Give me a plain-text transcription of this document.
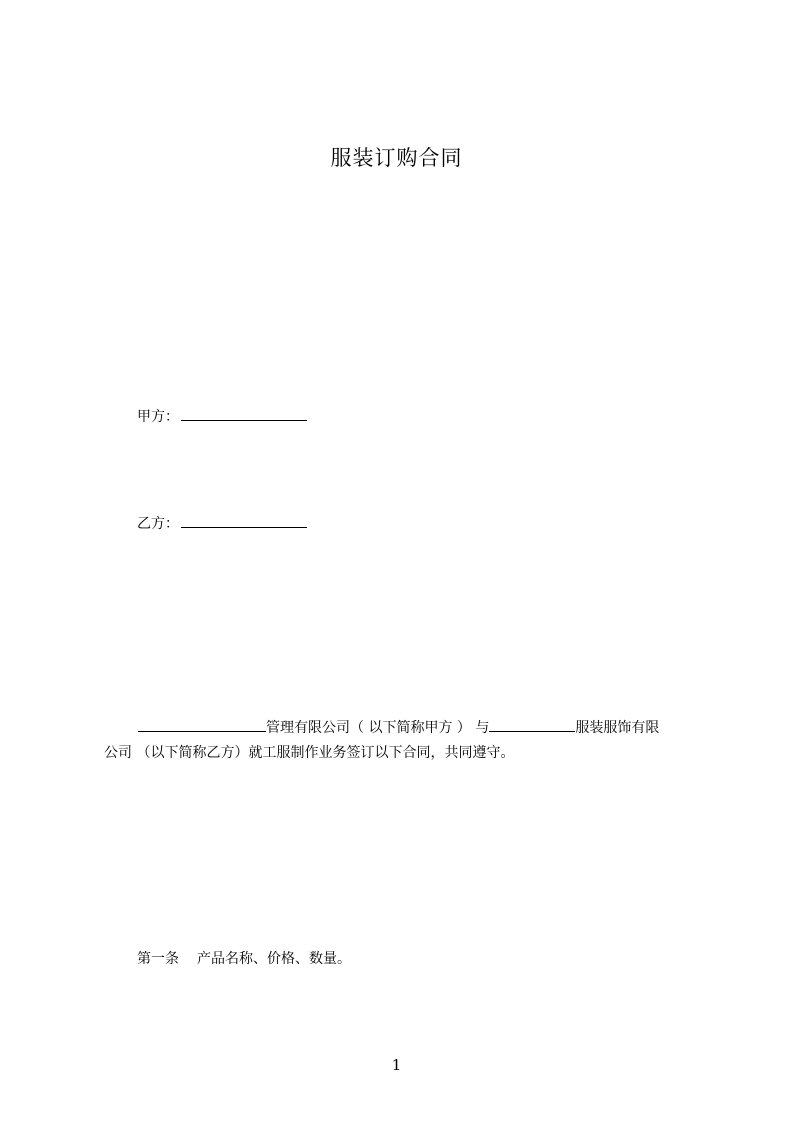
服装订购合同
甲方：
乙方：
管理有限公司（ 以下简称甲方 ） 与	服装服饰有限
公司 （以下简称乙方）就工服制作业务签订以下合同，共同遵守。
第一条 产品名称、价格、数量。
1
